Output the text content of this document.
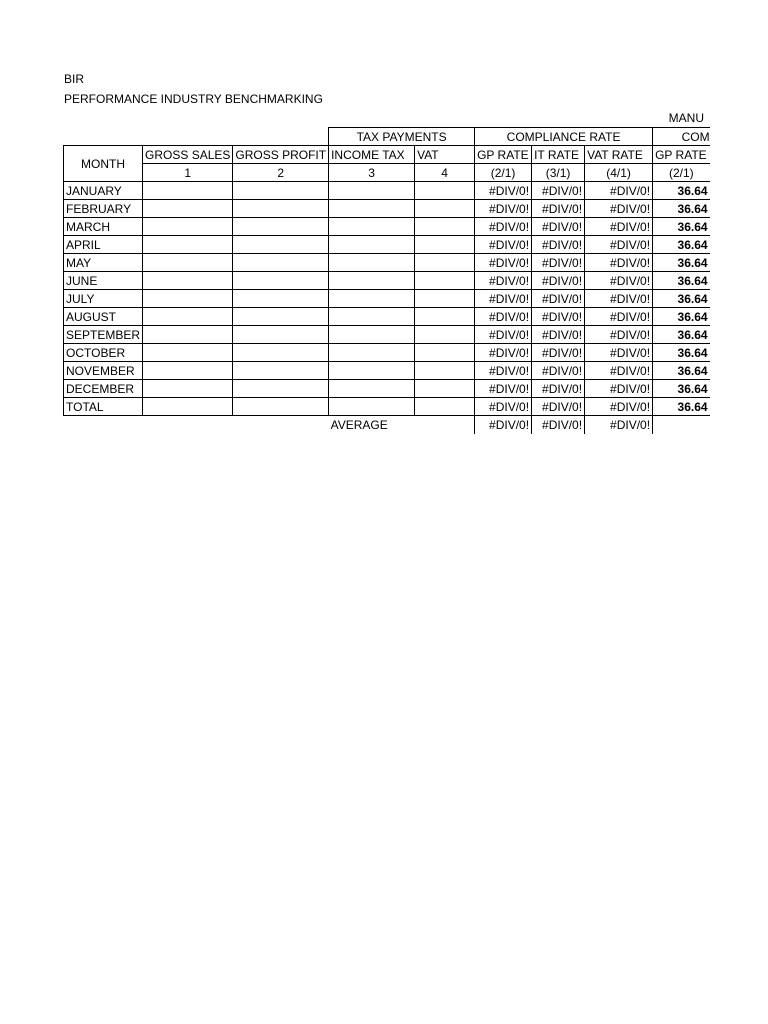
BIR
PERFORMANCE INDUSTRY BENCHMARKING
MANU
			TAX PAYMENTS		COMPLIANCE RATE			COM
MONTH	GROSS SALES	GROSS PROFIT	INCOME TAX	VAT	GP RATE	IT RATE	VAT RATE	GP RATE
	1	2	3	4	(2/1)	(3/1)	(4/1)	(2/1)
JANUARY					#DIV/0!	#DIV/0!	#DIV/0!	36.64
FEBRUARY					#DIV/0!	#DIV/0!	#DIV/0!	36.64
MARCH					#DIV/0!	#DIV/0!	#DIV/0!	36.64
APRIL					#DIV/0!	#DIV/0!	#DIV/0!	36.64
MAY					#DIV/0!	#DIV/0!	#DIV/0!	36.64
JUNE					#DIV/0!	#DIV/0!	#DIV/0!	36.64
JULY					#DIV/0!	#DIV/0!	#DIV/0!	36.64
AUGUST					#DIV/0!	#DIV/0!	#DIV/0!	36.64
SEPTEMBER					#DIV/0!	#DIV/0!	#DIV/0!	36.64
OCTOBER					#DIV/0!	#DIV/0!	#DIV/0!	36.64
NOVEMBER					#DIV/0!	#DIV/0!	#DIV/0!	36.64
DECEMBER					#DIV/0!	#DIV/0!	#DIV/0!	36.64
TOTAL					#DIV/0!	#DIV/0!	#DIV/0!	36.64
			AVERAGE		#DIV/0!	#DIV/0!	#DIV/0!	
